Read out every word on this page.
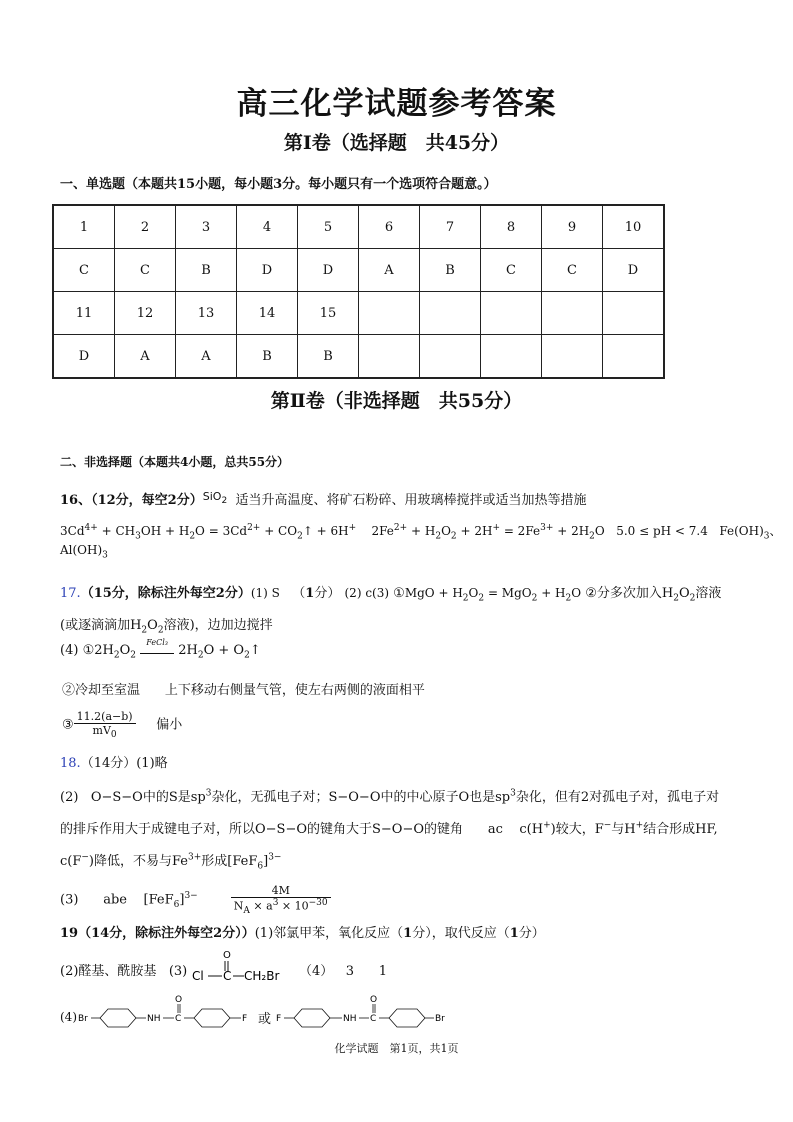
高三化学试题参考答案
第Ⅰ卷（选择题　共45分）
一、单选题（本题共15小题，每小题3分。每小题只有一个选项符合题意。）
1	2	3	4	5	6	7	8	9	10
C	C	B	D	D	A	B	C	C	D
11	12	13	14	15					
D	A	A	B	B					
第Ⅱ卷（非选择题　共55分）
二、非选择题（本题共4小题，总共55分）
16、（12分，每空2分）$^{SiO_2}$ 适当升高温度、将矿石粉碎、用玻璃棒搅拌或适当加热等措施
$3Cd^{4+} + CH_3OH + H_2O = 3Cd^{2+}$ + $CO_2↑ + 6H^+$ $2Fe^{2+} + H_2O_2 + 2H^+ = 2Fe^{3+} + 2H_2O$ 5.0 ≤ pH < 7.4 $Fe(OH)_3$、
$Al(OH)_3$
17.（15分，除标注外每空2分）(1) S （1分） (2) c(3) ①MgO + $H_2O_2 = MgO_2 + H_2O$ ②分多次加入$H_2O_2$溶液
(或逐滴滴加$H_2O_2$溶液)，边加边搅拌
(4) $①2H_2O_2$
FeCl₃
$2H_2O$ + $O_2↑$
②冷却至室温 上下移动右侧量气管，使左右两侧的液面相平
③ $\frac{11.2(a-b)}{mV_0}$ 偏小
18.（14分）(1)略
(2) O−S−O中的S是$sp^3$杂化，无孤电子对；S−O−O中的中心原子O也是$sp^3$杂化，但有2对孤电子对，孤电子对
的排斥作用大于成键电子对，所以O−S−O的键角大于S−O−O的键角 ac c(H+)较大，F−与H+结合形成HF,
c(F−)降低，不易与$Fe^{3+}$形成$[FeF_6]^{3-}$
(3) abe $[FeF_6]^{3-}$	$\frac{4M}{N_A \times a^3 \times 10^{-30}}$
19（14分，除标注外每空2分））(1)邻氯甲苯，氧化反应（1分），取代反应（1分）
(2)醛基、酰胺基 (3)
O
Cl C CH₂Br （4） 3 1
(4) Br	NH C
O
F 或 F	NH C
O
Br
化学试题　第1页，共1页
